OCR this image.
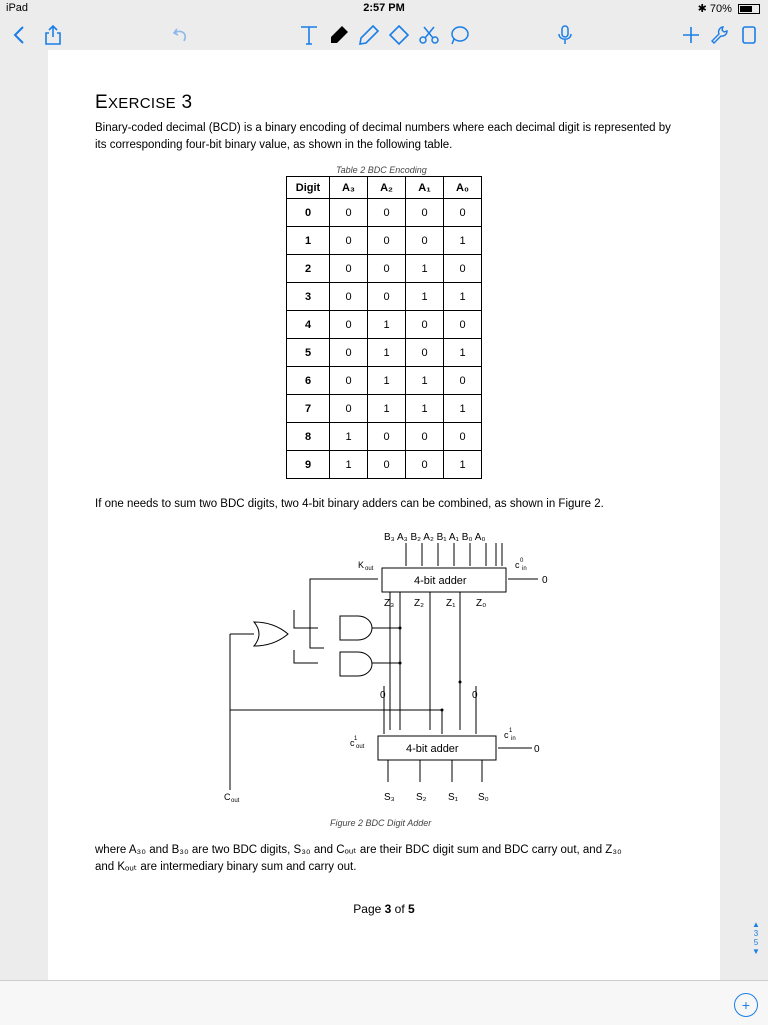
iPad	2:57 PM	✱ 70%
EXERCISE 3
Binary-coded decimal (BCD) is a binary encoding of decimal numbers where each decimal digit is represented by its corresponding four-bit binary value, as shown in the following table.
Table 2 BDC Encoding
Digit	A₃	A₂	A₁	A₀
0	0	0	0	0
1	0	0	0	1
2	0	0	1	0
3	0	0	1	1
4	0	1	0	0
5	0	1	0	1
6	0	1	1	0
7	0	1	1	1
8	1	0	0	0
9	1	0	0	1
If one needs to sum two BDC digits, two 4-bit binary adders can be combined, as shown in Figure 2.
B₃ A₃ B₂ A₂ B₁ A₁ B₀ A₀
4-bit adder
K out	c 0
in
0
Z₃ Z₂ Z₁ Z₀
0	0
4-bit adder
c 1
out
c 1
in
0
C out	S₃ S₂ S₁ S₀
Figure 2 BDC Digit Adder
where A₃₀ and B₃₀ are two BDC digits, S₃₀ and Cₒᵤₜ are their BDC digit sum and BDC carry out, and Z₃₀
and Kₒᵤₜ are intermediary binary sum and carry out.
Page 3 of 5
▲
3
5
▼
+
